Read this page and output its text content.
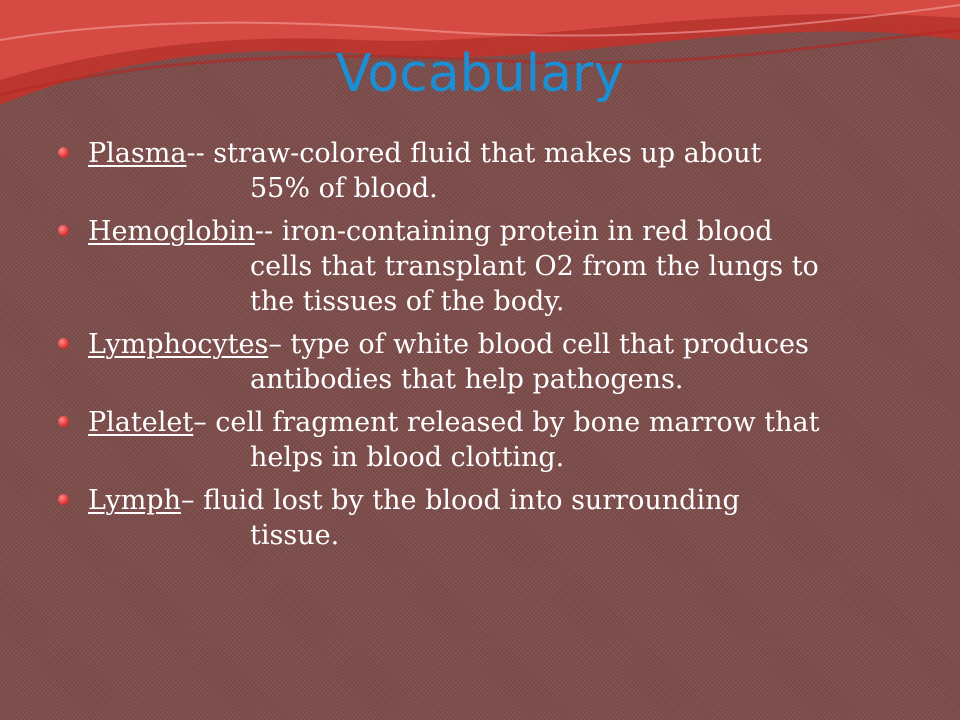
Vocabulary
Plasma-- straw-colored fluid that makes up about
55% of blood.
Hemoglobin-- iron-containing protein in red blood
cells that transplant O2 from the lungs to
the tissues of the body.
Lymphocytes– type of white blood cell that produces
antibodies that help pathogens.
Platelet– cell fragment released by bone marrow that
helps in blood clotting.
Lymph– fluid lost by the blood into surrounding
tissue.
